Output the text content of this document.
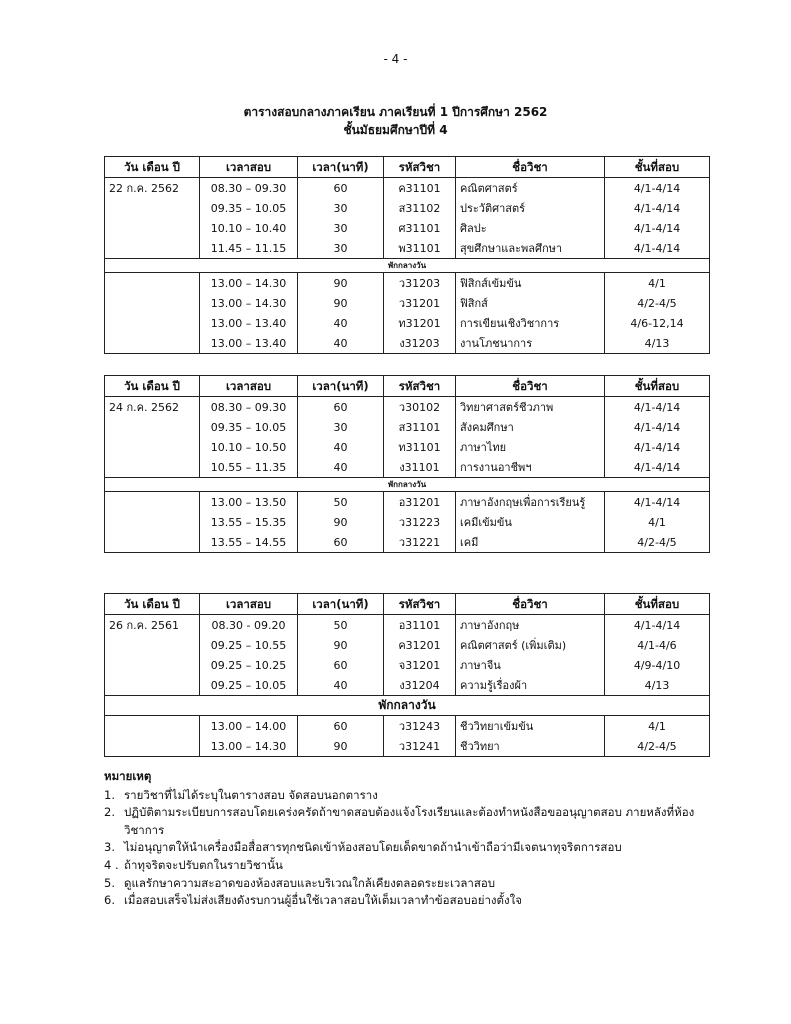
- 4 -
ตารางสอบกลางภาคเรียน ภาคเรียนที่ 1 ปีการศึกษา 2562
ชั้นมัธยมศึกษาปีที่ 4
วัน เดือน ปี	เวลาสอบ	เวลา(นาที)	รหัสวิชา	ชื่อวิชา	ชั้นที่สอบ
22 ก.ค. 2562	08.30 – 09.30	60	ค31101	คณิตศาสตร์	4/1-4/14
	09.35 – 10.05	30	ส31102	ประวัติศาสตร์	4/1-4/14
	10.10 – 10.40	30	ศ31101	ศิลปะ	4/1-4/14
	11.45 – 11.15	30	พ31101	สุขศึกษาและพลศึกษา	4/1-4/14
พักกลางวัน					
	13.00 – 14.30	90	ว31203	ฟิสิกส์เข้มข้น	4/1
	13.00 – 14.30	90	ว31201	ฟิสิกส์	4/2-4/5
	13.00 – 13.40	40	ท31201	การเขียนเชิงวิชาการ	4/6-12,14
	13.00 – 13.40	40	ง31203	งานโภชนาการ	4/13
วัน เดือน ปี	เวลาสอบ	เวลา(นาที)	รหัสวิชา	ชื่อวิชา	ชั้นที่สอบ
24 ก.ค. 2562	08.30 – 09.30	60	ว30102	วิทยาศาสตร์ชีวภาพ	4/1-4/14
	09.35 – 10.05	30	ส31101	สังคมศึกษา	4/1-4/14
	10.10 – 10.50	40	ท31101	ภาษาไทย	4/1-4/14
	10.55 – 11.35	40	ง31101	การงานอาชีพฯ	4/1-4/14
พักกลางวัน					
	13.00 – 13.50	50	อ31201	ภาษาอังกฤษเพื่อการเรียนรู้	4/1-4/14
	13.55 – 15.35	90	ว31223	เคมีเข้มข้น	4/1
	13.55 – 14.55	60	ว31221	เคมี	4/2-4/5
วัน เดือน ปี	เวลาสอบ	เวลา(นาที)	รหัสวิชา	ชื่อวิชา	ชั้นที่สอบ
26 ก.ค. 2561	08.30 - 09.20	50	อ31101	ภาษาอังกฤษ	4/1-4/14
	09.25 – 10.55	90	ค31201	คณิตศาสตร์ (เพิ่มเติม)	4/1-4/6
	09.25 – 10.25	60	จ31201	ภาษาจีน	4/9-4/10
	09.25 – 10.05	40	ง31204	ความรู้เรื่องผ้า	4/13
พักกลางวัน					
	13.00 – 14.00	60	ว31243	ชีววิทยาเข้มข้น	4/1
	13.00 – 14.30	90	ว31241	ชีววิทยา	4/2-4/5
หมายเหตุ
1. รายวิชาที่ไม่ได้ระบุในตารางสอบ จัดสอบนอกตาราง
2. ปฏิบัติตามระเบียบการสอบโดยเคร่งครัดถ้าขาดสอบต้องแจ้งโรงเรียนและต้องทำหนังสือขออนุญาตสอบ ภายหลังที่ห้องวิชาการ
3. ไม่อนุญาตให้นำเครื่องมือสื่อสารทุกชนิดเข้าห้องสอบโดยเด็ดขาดถ้านำเข้าถือว่ามีเจตนาทุจริตการสอบ
4 . ถ้าทุจริตจะปรับตกในรายวิชานั้น
5. ดูแลรักษาความสะอาดของห้องสอบและบริเวณใกล้เคียงตลอดระยะเวลาสอบ
6. เมื่อสอบเสร็จไม่ส่งเสียงดังรบกวนผู้อื่นใช้เวลาสอบให้เต็มเวลาทำข้อสอบอย่างตั้งใจ
